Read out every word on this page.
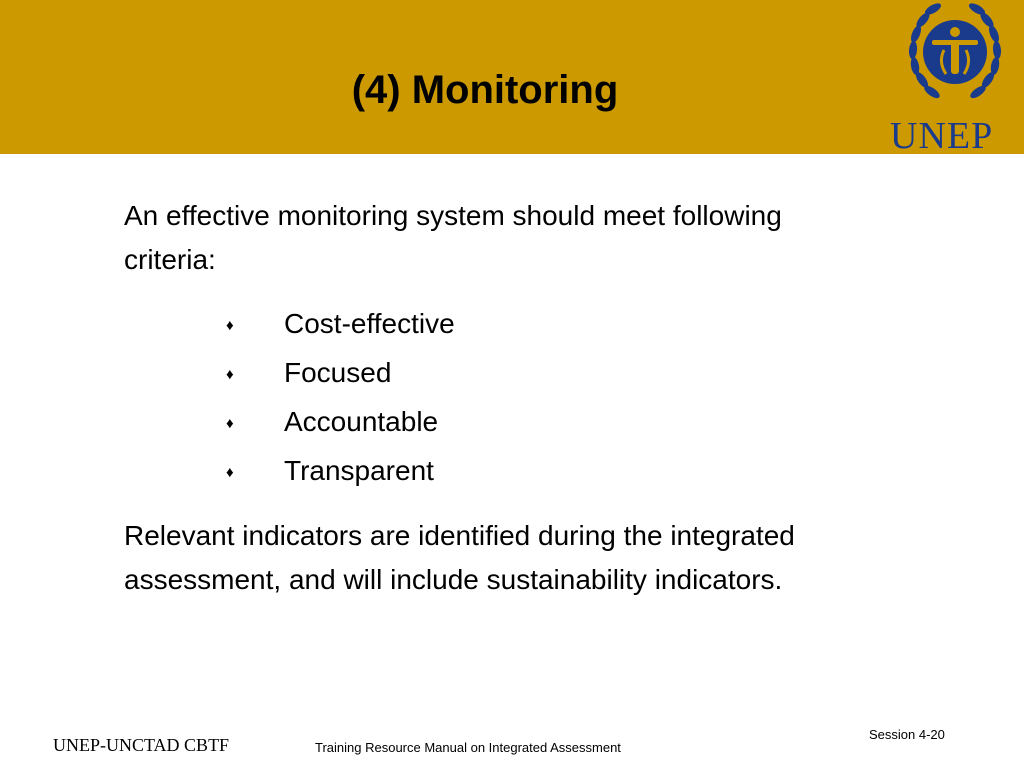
(4) Monitoring
UNEP

An effective monitoring system should meet following criteria:

♦ Cost-effective
♦ Focused
♦ Accountable
♦ Transparent

Relevant indicators are identified during the integrated assessment, and will include sustainability indicators.

UNEP-UNCTAD CBTF	Training Resource Manual on Integrated Assessment
Session 4-20
